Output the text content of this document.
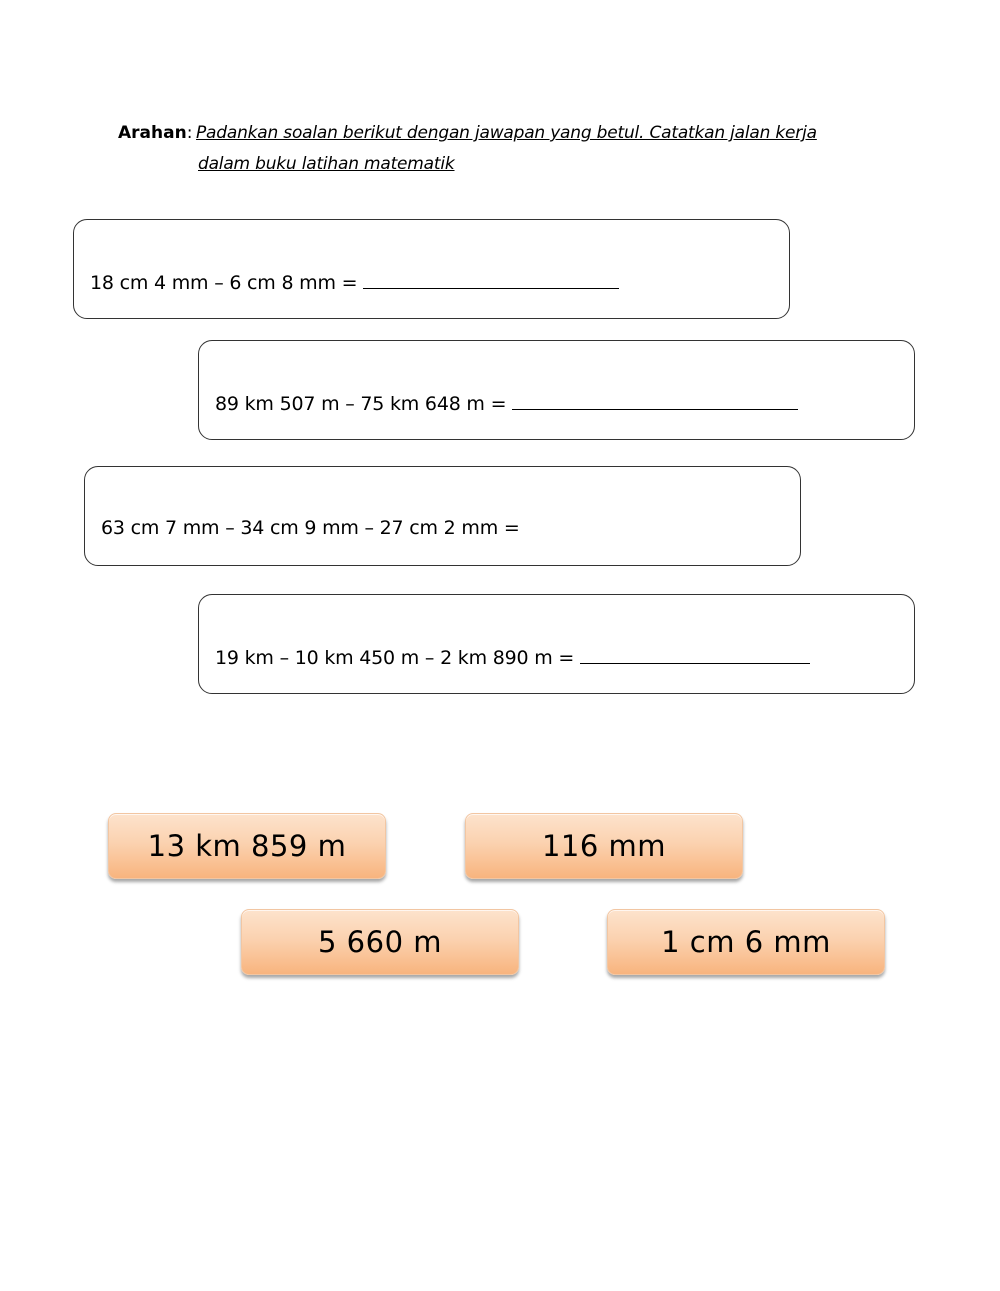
Arahan: Padankan soalan berikut dengan jawapan yang betul. Catatkan jalan kerja
dalam buku latihan matematik
18 cm 4 mm – 6 cm 8 mm =
89 km 507 m – 75 km 648 m =
63 cm 7 mm – 34 cm 9 mm – 27 cm 2 mm =
19 km – 10 km 450 m – 2 km 890 m =
13 km 859 m	116 mm
5 660 m	1 cm 6 mm
